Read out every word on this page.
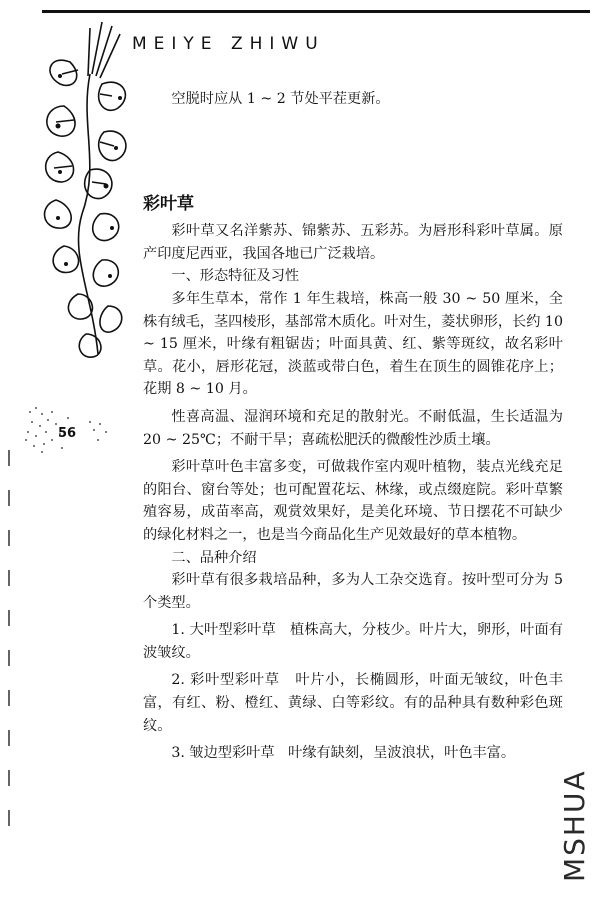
MEIYE ZHIWU
56

空脱时应从 1 ~ 2 节处平茬更新。

彩叶草

彩叶草又名洋紫苏、锦紫苏、五彩苏。为唇形科彩叶草属。原产印度尼西亚，我国各地已广泛栽培。

一、形态特征及习性

多年生草本，常作 1 年生栽培，株高一般 30 ~ 50 厘米，全株有绒毛，茎四棱形，基部常木质化。叶对生，菱状卵形，长约 10 ~ 15 厘米，叶缘有粗锯齿；叶面具黄、红、紫等斑纹，故名彩叶草。花小，唇形花冠，淡蓝或带白色，着生在顶生的圆锥花序上；花期 8 ~ 10 月。

性喜高温、湿润环境和充足的散射光。不耐低温，生长适温为 20 ~ 25℃；不耐干旱；喜疏松肥沃的微酸性沙质土壤。

彩叶草叶色丰富多变，可做栽作室内观叶植物，装点光线充足的阳台、窗台等处；也可配置花坛、林缘，或点缀庭院。彩叶草繁殖容易，成苗率高，观赏效果好，是美化环境、节日摆花不可缺少的绿化材料之一，也是当今商品化生产见效最好的草本植物。

二、品种介绍

彩叶草有很多栽培品种，多为人工杂交选育。按叶型可分为 5 个类型。

1. 大叶型彩叶草 植株高大，分枝少。叶片大，卵形，叶面有波皱纹。

2. 彩叶型彩叶草 叶片小，长椭圆形，叶面无皱纹，叶色丰富，有红、粉、橙红、黄绿、白等彩纹。有的品种具有数种彩色斑纹。

3. 皱边型彩叶草 叶缘有缺刻，呈波浪状，叶色丰富。

MSHUA
